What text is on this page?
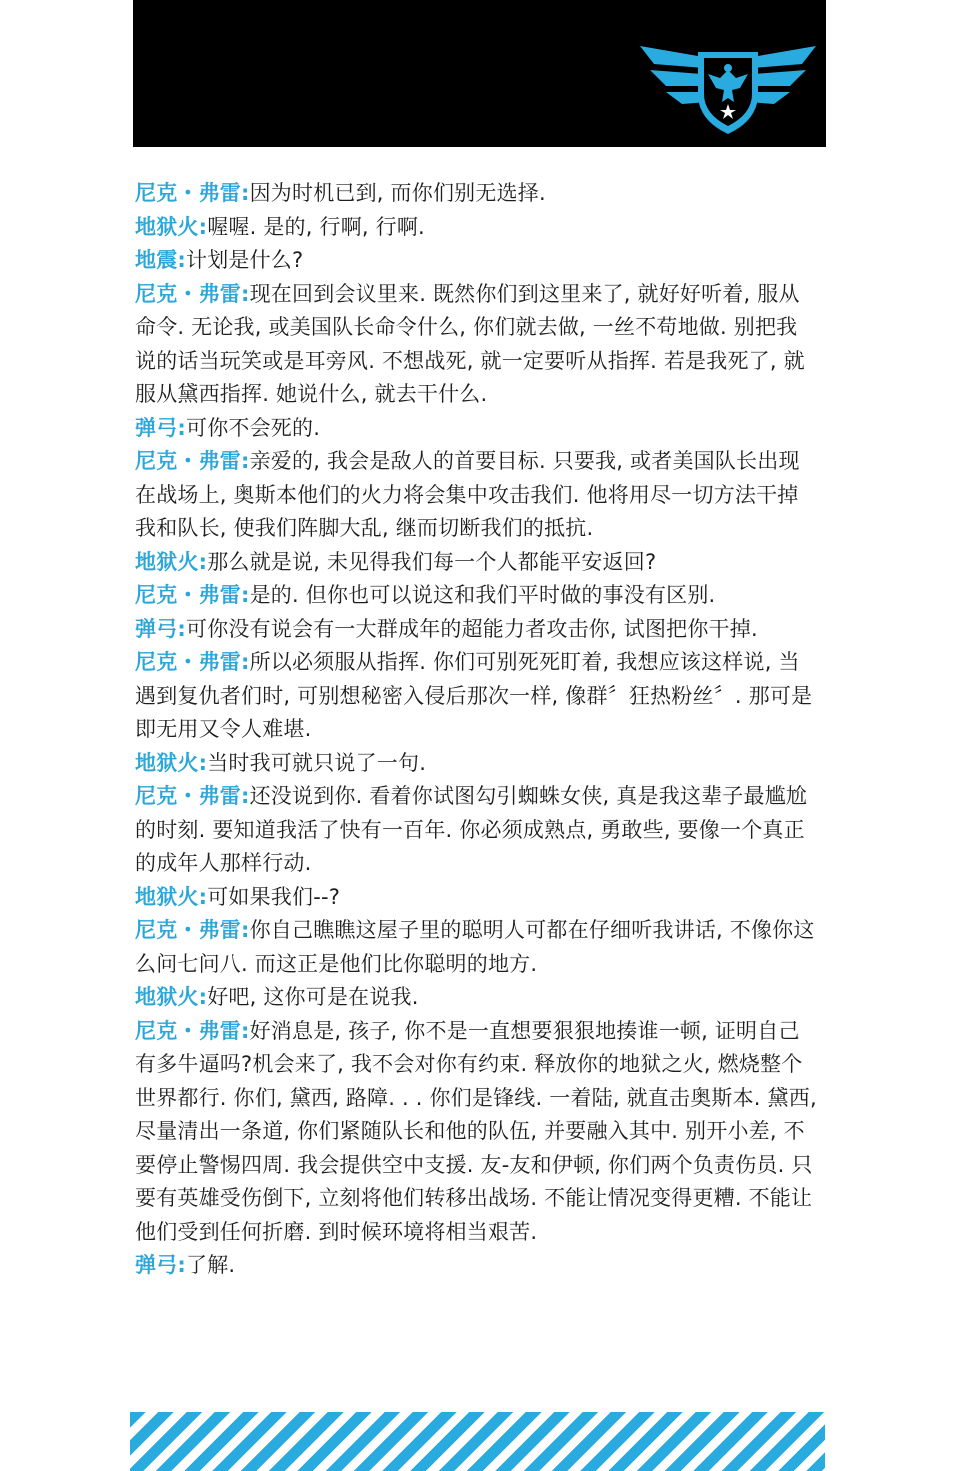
尼克・弗雷:因为时机已到, 而你们别无选择.

地狱火:喔喔. 是的, 行啊, 行啊.

地震:计划是什么?

尼克・弗雷:现在回到会议里来. 既然你们到这里来了, 就好好听着, 服从命令. 无论我, 或美国队长命令什么, 你们就去做, 一丝不苟地做. 别把我说的话当玩笑或是耳旁风. 不想战死, 就一定要听从指挥. 若是我死了, 就服从黛西指挥. 她说什么, 就去干什么.

弹弓:可你不会死的.

尼克・弗雷:亲爱的, 我会是敌人的首要目标. 只要我, 或者美国队长出现在战场上, 奥斯本他们的火力将会集中攻击我们. 他将用尽一切方法干掉我和队长, 使我们阵脚大乱, 继而切断我们的抵抗.

地狱火:那么就是说, 未见得我们每一个人都能平安返回?

尼克・弗雷:是的. 但你也可以说这和我们平时做的事没有区别.

弹弓:可你没有说会有一大群成年的超能力者攻击你, 试图把你干掉.

尼克・弗雷:所以必须服从指挥. 你们可别死死盯着, 我想应该这样说, 当遇到复仇者们时, 可别想秘密入侵后那次一样, 像群〞狂热粉丝〞. 那可是即无用又令人难堪.

地狱火:当时我可就只说了一句.

尼克・弗雷:还没说到你. 看着你试图勾引蜘蛛女侠, 真是我这辈子最尴尬的时刻. 要知道我活了快有一百年. 你必须成熟点, 勇敢些, 要像一个真正的成年人那样行动.

地狱火:可如果我们--?

尼克・弗雷:你自己瞧瞧这屋子里的聪明人可都在仔细听我讲话, 不像你这么问七问八. 而这正是他们比你聪明的地方.

地狱火:好吧, 这你可是在说我.

尼克・弗雷:好消息是, 孩子, 你不是一直想要狠狠地揍谁一顿, 证明自己有多牛逼吗?机会来了, 我不会对你有约束. 释放你的地狱之火, 燃烧整个世界都行. 你们, 黛西, 路障. . . 你们是锋线. 一着陆, 就直击奥斯本. 黛西, 尽量清出一条道, 你们紧随队长和他的队伍, 并要融入其中. 别开小差, 不要停止警惕四周. 我会提供空中支援. 友-友和伊顿, 你们两个负责伤员. 只要有英雄受伤倒下, 立刻将他们转移出战场. 不能让情况变得更糟. 不能让他们受到任何折磨. 到时候环境将相当艰苦.

弹弓:了解.
